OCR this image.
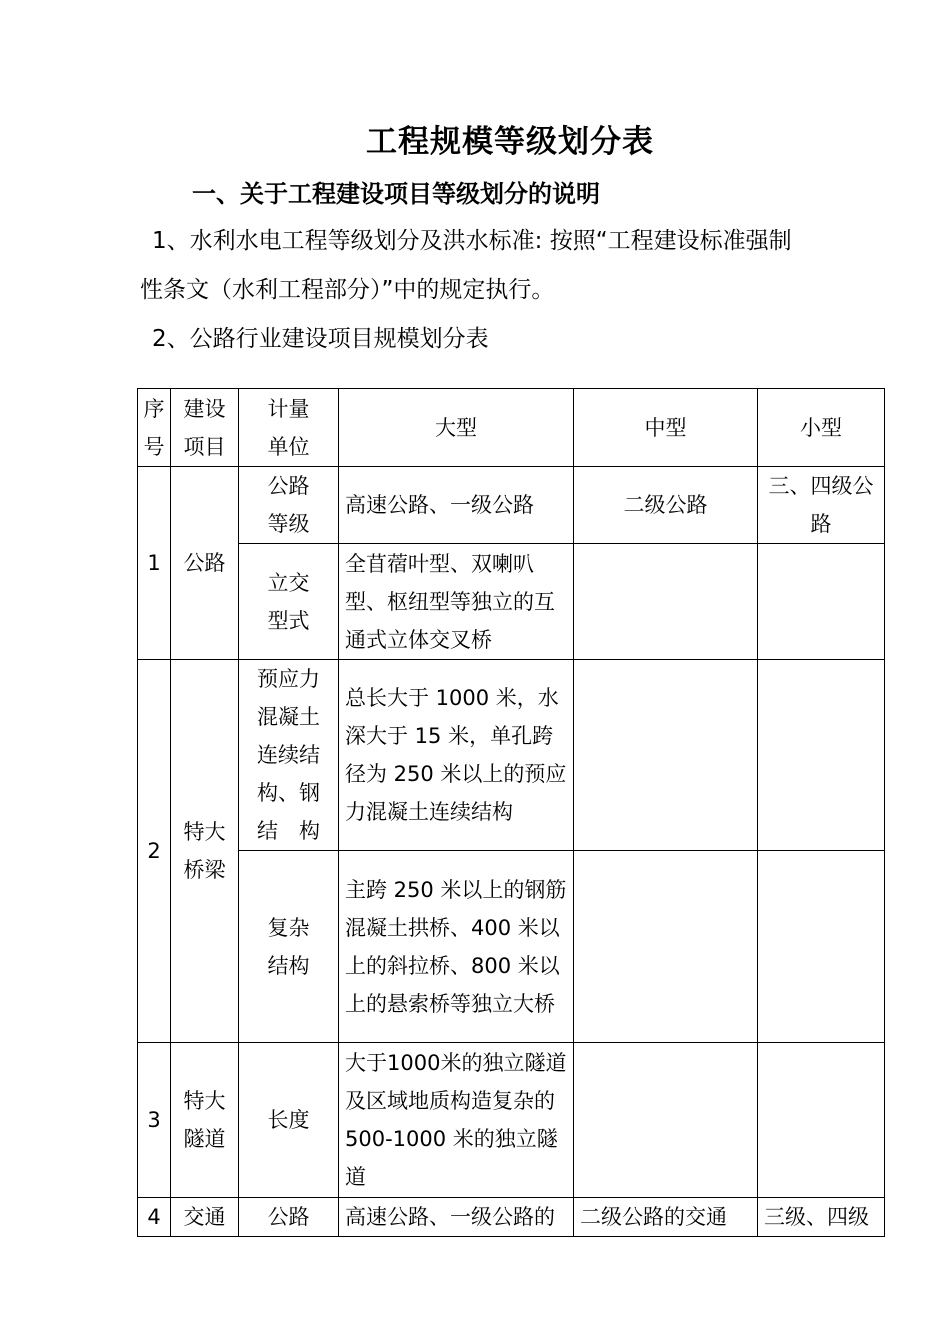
工程规模等级划分表
一、关于工程建设项目等级划分的说明
1、水利水电工程等级划分及洪水标准: 按照“工程建设标准强制
性条文（水利工程部分）”中的规定执行。
2、公路行业建设项目规模划分表
序号	建设项目	计量单位	大型	中型	小型
1	公路	公路等级	高速公路、一级公路	二级公路	三、四级公路
		立交型式	全苜蓿叶型、双喇叭型、枢纽型等独立的互通式立体交叉桥		
2	特大桥梁	预应力混凝土连续结构、钢结　构	总长大于 1000 米，水深大于 15 米，单孔跨径为 250 米以上的预应力混凝土连续结构		
		复杂结构	主跨 250 米以上的钢筋混凝土拱桥、400 米以上的斜拉桥、800 米以上的悬索桥等独立大桥		
3	特大隧道	长度	大于1000米的独立隧道及区域地质构造复杂的 500-1000 米的独立隧道		
4	交通	公路	高速公路、一级公路的	二级公路的交通	三级、四级
